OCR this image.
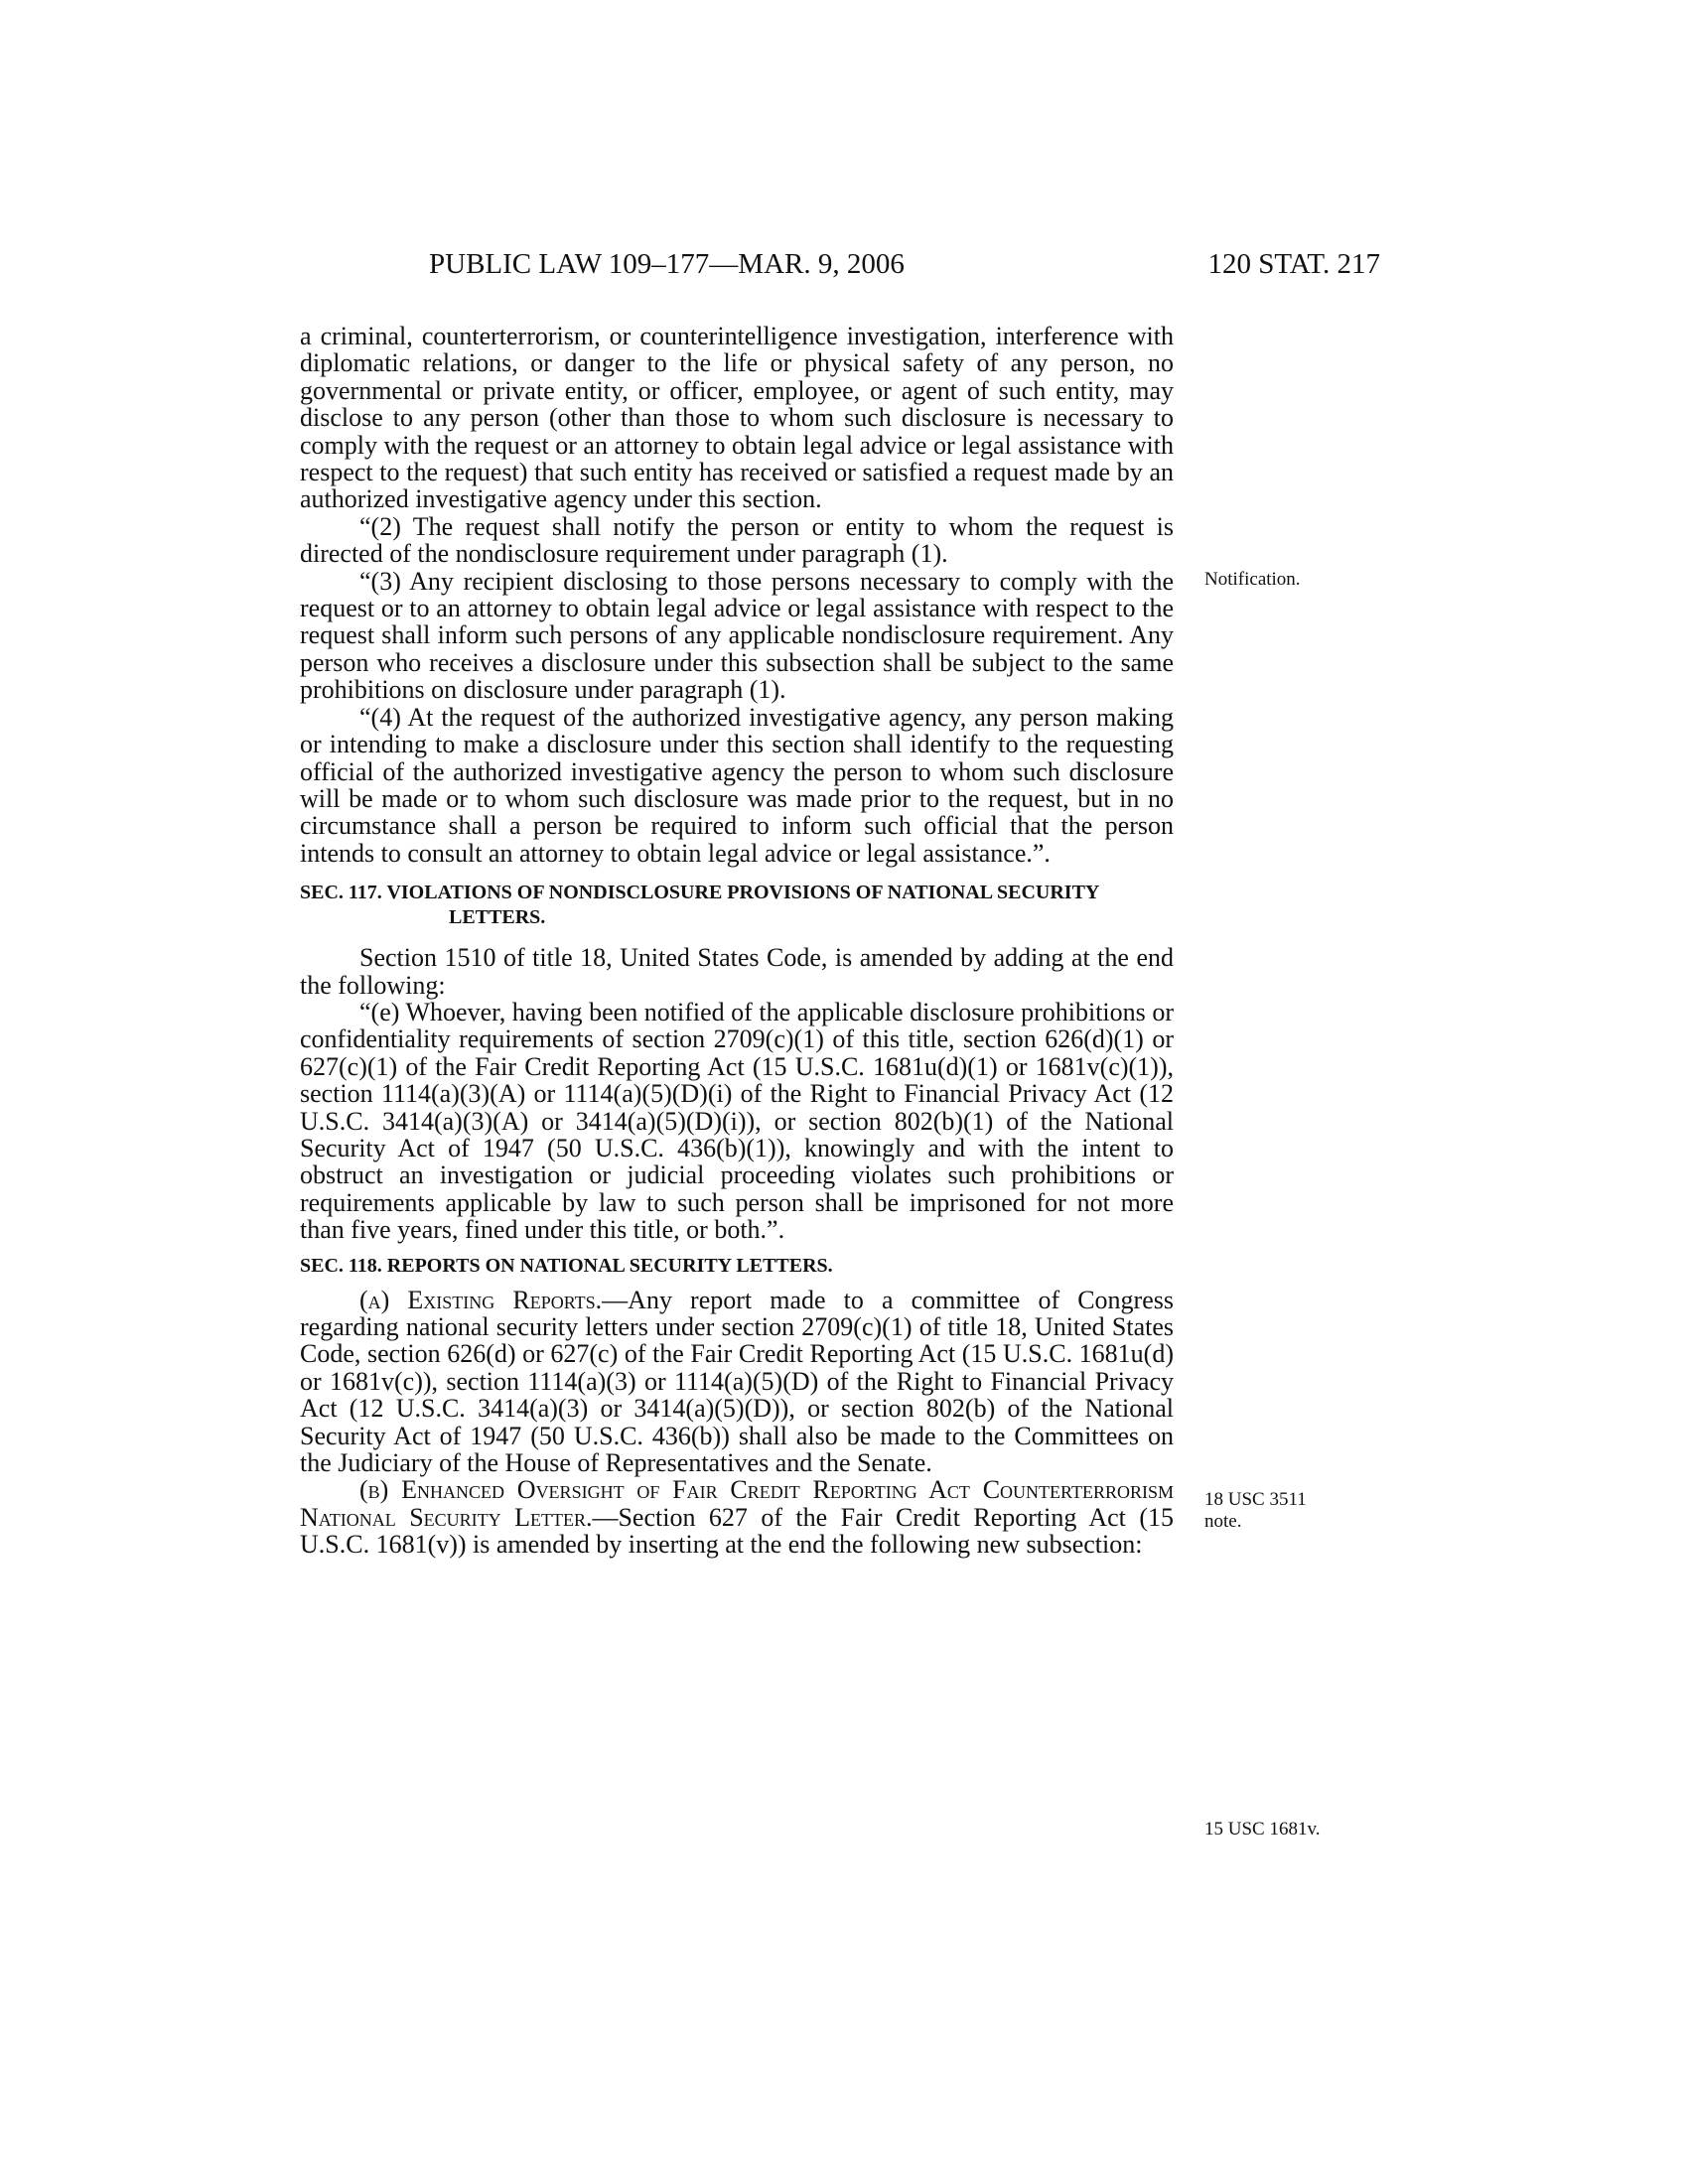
PUBLIC LAW 109–177—MAR. 9, 2006	120 STAT. 217

a criminal, counterterrorism, or counterintelligence investigation, interference with diplomatic relations, or danger to the life or physical safety of any person, no governmental or private entity, or officer, employee, or agent of such entity, may disclose to any person (other than those to whom such disclosure is necessary to comply with the request or an attorney to obtain legal advice or legal assistance with respect to the request) that such entity has received or satisfied a request made by an authorized investigative agency under this section.

“(2) The request shall notify the person or entity to whom the request is directed of the nondisclosure requirement under paragraph (1).

“(3) Any recipient disclosing to those persons necessary to comply with the request or to an attorney to obtain legal advice or legal assistance with respect to the request shall inform such persons of any applicable nondisclosure requirement. Any person who receives a disclosure under this subsection shall be subject to the same prohibitions on disclosure under paragraph (1).

“(4) At the request of the authorized investigative agency, any person making or intending to make a disclosure under this section shall identify to the requesting official of the authorized investigative agency the person to whom such disclosure will be made or to whom such disclosure was made prior to the request, but in no circumstance shall a person be required to inform such official that the person intends to consult an attorney to obtain legal advice or legal assistance.”.

SEC. 117. VIOLATIONS OF NONDISCLOSURE PROVISIONS OF NATIONAL SECURITY LETTERS.

Section 1510 of title 18, United States Code, is amended by adding at the end the following:

“(e) Whoever, having been notified of the applicable disclosure prohibitions or confidentiality requirements of section 2709(c)(1) of this title, section 626(d)(1) or 627(c)(1) of the Fair Credit Reporting Act (15 U.S.C. 1681u(d)(1) or 1681v(c)(1)), section 1114(a)(3)(A) or 1114(a)(5)(D)(i) of the Right to Financial Privacy Act (12 U.S.C. 3414(a)(3)(A) or 3414(a)(5)(D)(i)), or section 802(b)(1) of the National Security Act of 1947 (50 U.S.C. 436(b)(1)), knowingly and with the intent to obstruct an investigation or judicial proceeding violates such prohibitions or requirements applicable by law to such person shall be imprisoned for not more than five years, fined under this title, or both.”.

SEC. 118. REPORTS ON NATIONAL SECURITY LETTERS.

(a) Existing Reports.—Any report made to a committee of Congress regarding national security letters under section 2709(c)(1) of title 18, United States Code, section 626(d) or 627(c) of the Fair Credit Reporting Act (15 U.S.C. 1681u(d) or 1681v(c)), section 1114(a)(3) or 1114(a)(5)(D) of the Right to Financial Privacy Act (12 U.S.C. 3414(a)(3) or 3414(a)(5)(D)), or section 802(b) of the National Security Act of 1947 (50 U.S.C. 436(b)) shall also be made to the Committees on the Judiciary of the House of Representatives and the Senate.

(b) Enhanced Oversight of Fair Credit Reporting Act Counterterrorism National Security Letter.—Section 627 of the Fair Credit Reporting Act (15 U.S.C. 1681(v)) is amended by inserting at the end the following new subsection:

Notification.
18 USC 3511
note.
15 USC 1681v.
